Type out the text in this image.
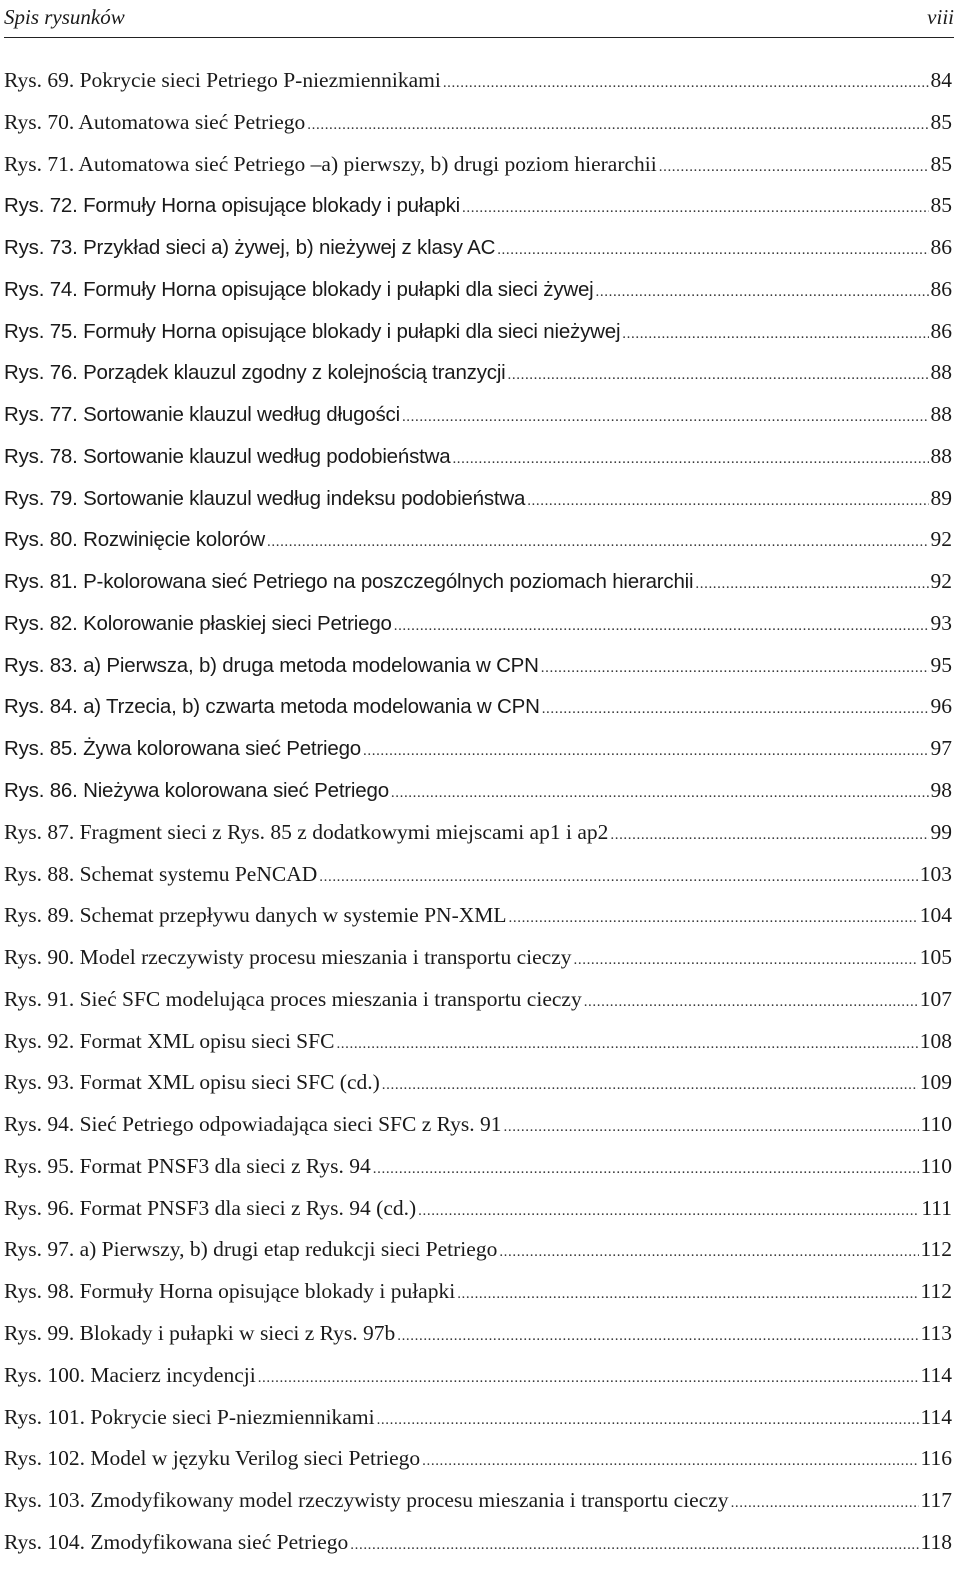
Spis rysunków	viii
Rys. 69. Pokrycie sieci Petriego P-niezmiennikami .....	84
Rys. 70. Automatowa sieć Petriego .....	85
Rys. 71. Automatowa sieć Petriego –a) pierwszy, b) drugi poziom hierarchii .....	85
Rys. 72. Formuły Horna opisujące blokady i pułapki .....	85
Rys. 73. Przykład sieci a) żywej, b) nieżywej z klasy AC .....	86
Rys. 74. Formuły Horna opisujące blokady i pułapki dla sieci żywej .....	86
Rys. 75. Formuły Horna opisujące blokady i pułapki dla sieci nieżywej .....	86
Rys. 76. Porządek klauzul zgodny z kolejnością tranzycji .....	88
Rys. 77. Sortowanie klauzul według długości .....	88
Rys. 78. Sortowanie klauzul według podobieństwa .....	88
Rys. 79. Sortowanie klauzul według indeksu podobieństwa .....	89
Rys. 80. Rozwinięcie kolorów .....	92
Rys. 81. P-kolorowana sieć Petriego na poszczególnych poziomach hierarchii .....	92
Rys. 82. Kolorowanie płaskiej sieci Petriego .....	93
Rys. 83. a) Pierwsza, b) druga metoda modelowania w CPN .....	95
Rys. 84. a) Trzecia, b) czwarta metoda modelowania w CPN .....	96
Rys. 85. Żywa kolorowana sieć Petriego .....	97
Rys. 86. Nieżywa kolorowana sieć Petriego .....	98
Rys. 87. Fragment sieci z Rys. 85 z dodatkowymi miejscami ap1 i ap2 .....	99
Rys. 88. Schemat systemu PeNCAD .....	103
Rys. 89. Schemat przepływu danych w systemie PN-XML .....	104
Rys. 90. Model rzeczywisty procesu mieszania i transportu cieczy .....	105
Rys. 91. Sieć SFC modelująca proces mieszania i transportu cieczy .....	107
Rys. 92. Format XML opisu sieci SFC .....	108
Rys. 93. Format XML opisu sieci SFC (cd.) .....	109
Rys. 94. Sieć Petriego odpowiadająca sieci SFC z Rys. 91 .....	110
Rys. 95. Format PNSF3 dla sieci z Rys. 94 .....	110
Rys. 96. Format PNSF3 dla sieci z Rys. 94 (cd.) .....	111
Rys. 97. a) Pierwszy, b) drugi etap redukcji sieci Petriego .....	112
Rys. 98. Formuły Horna opisujące blokady i pułapki .....	112
Rys. 99. Blokady i pułapki w sieci z Rys. 97b .....	113
Rys. 100. Macierz incydencji .....	114
Rys. 101. Pokrycie sieci P-niezmiennikami .....	114
Rys. 102. Model w języku Verilog sieci Petriego .....	116
Rys. 103. Zmodyfikowany model rzeczywisty procesu mieszania i transportu cieczy .....	117
Rys. 104. Zmodyfikowana sieć Petriego .....	118
